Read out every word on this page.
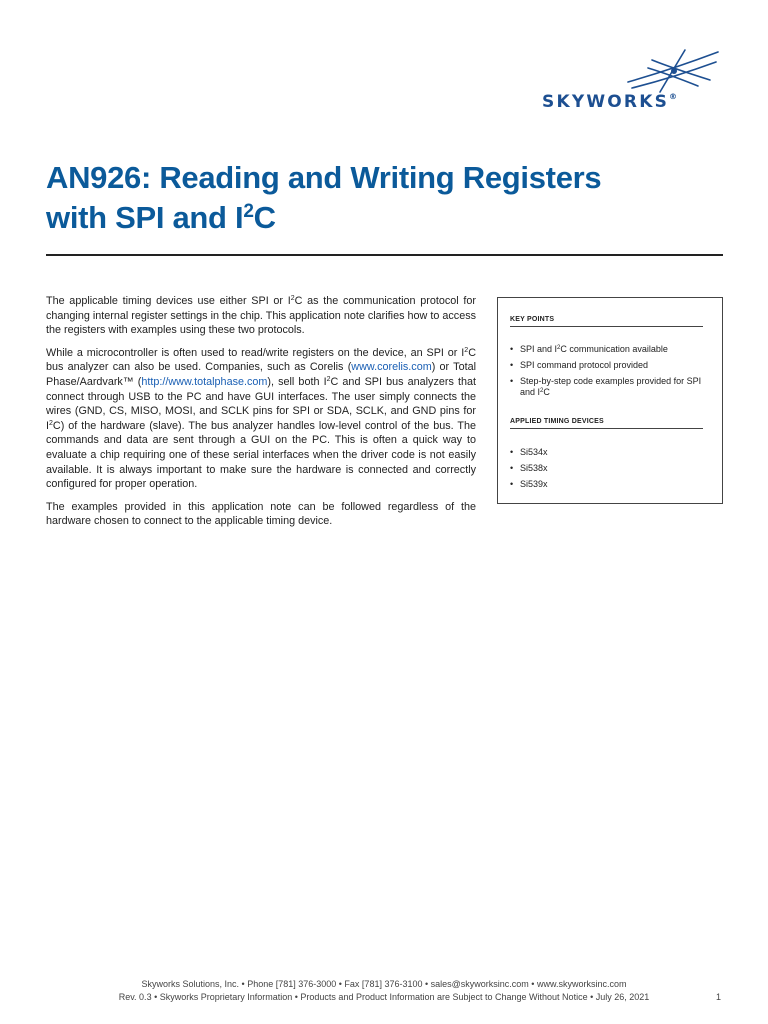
SKYWORKS®
AN926: Reading and Writing Registers
with SPI and $I^2C$

The applicable timing devices use either SPI or $I^2C$ as the communication protocol for changing internal register settings in the chip. This application note clarifies how to access the registers with examples using these two protocols.

While a microcontroller is often used to read/write registers on the device, an SPI or $I^2C$ bus analyzer can also be used. Companies, such as Corelis (www.corelis.com) or Total Phase/Aardvark™ (http://www.totalphase.com), sell both $I^2C$ and SPI bus analyzers that connect through USB to the PC and have GUI interfaces. The user simply connects the wires (GND, CS, MISO, MOSI, and SCLK pins for SPI or SDA, SCLK, and GND pins for $I^2C$) of the hardware (slave). The bus analyzer handles low-level control of the bus. The commands and data are sent through a GUI on the PC. This is often a quick way to evaluate a chip requiring one of these serial interfaces when the driver code is not easily available. It is always important to make sure the hardware is connected and correctly configured for proper operation.

The examples provided in this application note can be followed regardless of the hardware chosen to connect to the applicable timing device.

KEY POINTS
• SPI and $I^2C$ communication available
• SPI command protocol provided
• Step-by-step code examples provided for SPI and $I^2C$
APPLIED TIMING DEVICES
• Si534x
• Si538x
• Si539x
Skyworks Solutions, Inc. • Phone [781] 376-3000 • Fax [781] 376-3100 • sales@skyworksinc.com • www.skyworksinc.com
Rev. 0.3 • Skyworks Proprietary Information • Products and Product Information are Subject to Change Without Notice • July 26, 2021	1
